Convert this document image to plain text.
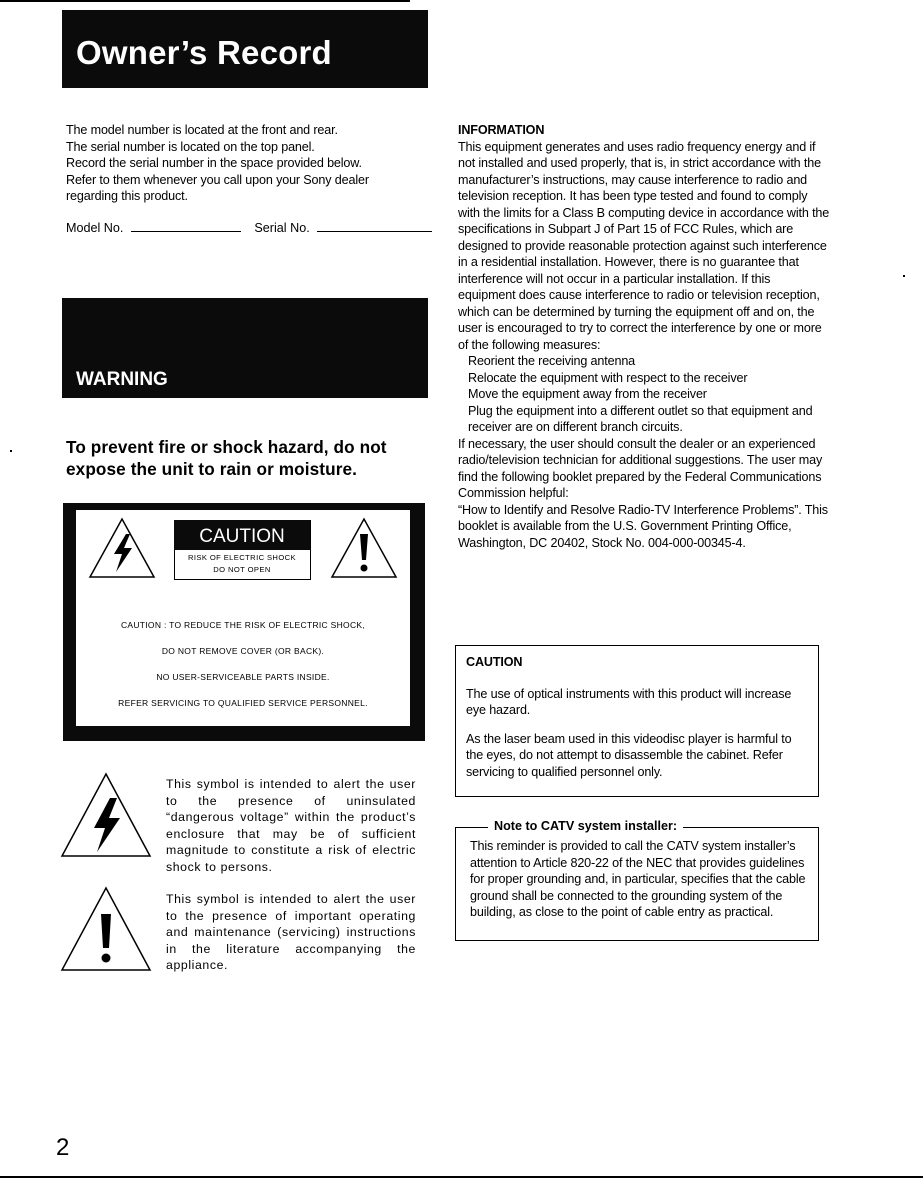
Owner’s Record

The model number is located at the front and rear.

The serial number is located on the top panel.

Record the serial number in the space provided below.

Refer to them whenever you call upon your Sony dealer

regarding this product.

Model No.	Serial No.
WARNING
To prevent fire or shock hazard, do not expose the unit to rain or moisture.
CAUTION
RISK OF ELECTRIC SHOCK
DO NOT OPEN
CAUTION : TO REDUCE THE RISK OF ELECTRIC SHOCK,
DO NOT REMOVE COVER (OR BACK).
NO USER-SERVICEABLE PARTS INSIDE.
REFER SERVICING TO QUALIFIED SERVICE PERSONNEL.
This symbol is intended to alert the user to the presence of uninsulated “dangerous voltage” within the product’s enclosure that may be of sufficient magnitude to constitute a risk of electric shock to persons.
This symbol is intended to alert the user to the presence of important operating and maintenance (servicing) instructions in the literature accompanying the appliance.

INFORMATION

This equipment generates and uses radio frequency energy and if not installed and used properly, that is, in strict accordance with the manufacturer’s instructions, may cause interference to radio and television reception. It has been type tested and found to comply with the limits for a Class B computing device in accordance with the specifications in Subpart J of Part 15 of FCC Rules, which are designed to provide reasonable protection against such interference in a residential installation. However, there is no guarantee that interference will not occur in a particular installation. If this equipment does cause interference to radio or television reception, which can be determined by turning the equipment off and on, the user is encouraged to try to correct the interference by one or more of the following measures:

Reorient the receiving antenna

Relocate the equipment with respect to the receiver

Move the equipment away from the receiver

Plug the equipment into a different outlet so that equipment and receiver are on different branch circuits.

If necessary, the user should consult the dealer or an experienced radio/television technician for additional suggestions. The user may find the following booklet prepared by the Federal Communications Commission helpful:

“How to Identify and Resolve Radio-TV Interference Problems”. This booklet is available from the U.S. Government Printing Office, Washington, DC 20402, Stock No. 004-000-00345-4.

CAUTION

The use of optical instruments with this product will increase eye hazard.

As the laser beam used in this videodisc player is harmful to the eyes, do not attempt to disassemble the cabinet. Refer servicing to qualified personnel only.

This reminder is provided to call the CATV system installer’s attention to Article 820-22 of the NEC that provides guidelines for proper grounding and, in particular, specifies that the cable ground shall be connected to the grounding system of the building, as close to the point of cable entry as practical.
Note to CATV system installer:
2
